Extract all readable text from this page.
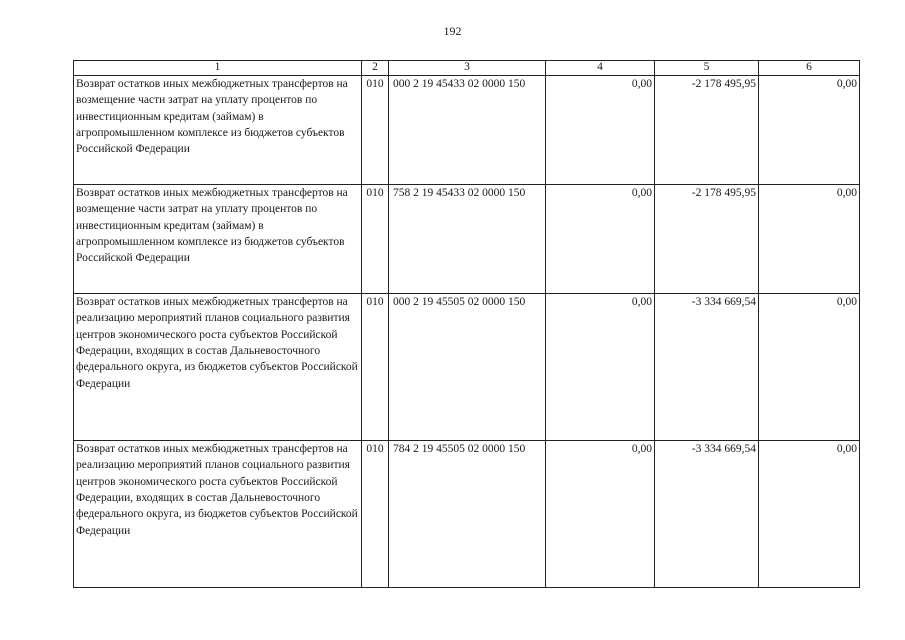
192
1	2	3	4	5	6
Возврат остатков иных межбюджетных трансфертов на возмещение части затрат на уплату процентов по инвестиционным кредитам (займам) в агропромышленном комплексе из бюджетов субъектов Российской Федерации	010	000 2 19 45433 02 0000 150	0,00	-2 178 495,95	0,00
Возврат остатков иных межбюджетных трансфертов на возмещение части затрат на уплату процентов по инвестиционным кредитам (займам) в агропромышленном комплексе из бюджетов субъектов Российской Федерации	010	758 2 19 45433 02 0000 150	0,00	-2 178 495,95	0,00
Возврат остатков иных межбюджетных трансфертов на реализацию мероприятий планов социального развития центров экономического роста субъектов Российской Федерации, входящих в состав Дальневосточного федерального округа, из бюджетов субъектов Российской Федерации	010	000 2 19 45505 02 0000 150	0,00	-3 334 669,54	0,00
Возврат остатков иных межбюджетных трансфертов на реализацию мероприятий планов социального развития центров экономического роста субъектов Российской Федерации, входящих в состав Дальневосточного федерального округа, из бюджетов субъектов Российской Федерации	010	784 2 19 45505 02 0000 150	0,00	-3 334 669,54	0,00
